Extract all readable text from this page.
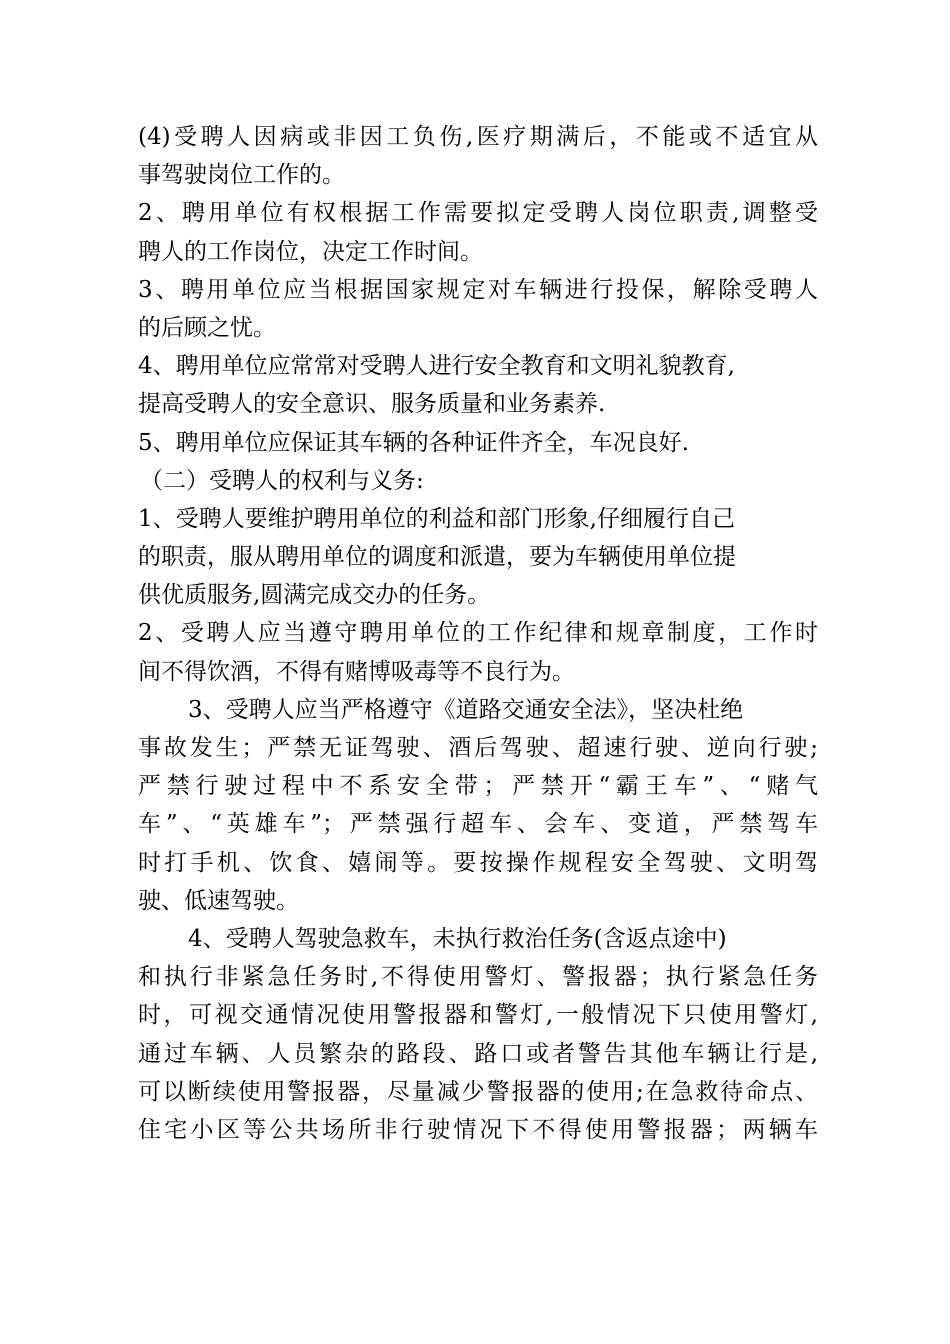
(4)受聘人因病或非因工负伤,医疗期满后，不能或不适宜从
事驾驶岗位工作的。
2、聘用单位有权根据工作需要拟定受聘人岗位职责,调整受
聘人的工作岗位，决定工作时间。
3、聘用单位应当根据国家规定对车辆进行投保，解除受聘人
的后顾之忧。
4、聘用单位应常常对受聘人进行安全教育和文明礼貌教育,
提高受聘人的安全意识、服务质量和业务素养.
5、聘用单位应保证其车辆的各种证件齐全，车况良好.
（二）受聘人的权利与义务:
1、受聘人要维护聘用单位的利益和部门形象,仔细履行自己
的职责，服从聘用单位的调度和派遣，要为车辆使用单位提
供优质服务,圆满完成交办的任务。
2、受聘人应当遵守聘用单位的工作纪律和规章制度，工作时
间不得饮酒，不得有赌博吸毒等不良行为。
3、受聘人应当严格遵守《道路交通安全法》，坚决杜绝
事故发生；严禁无证驾驶、酒后驾驶、超速行驶、逆向行驶;
严禁行驶过程中不系安全带；严禁开“霸王车”、“赌气
车”、“英雄车”；严禁强行超车、会车、变道，严禁驾车
时打手机、饮食、嬉闹等。要按操作规程安全驾驶、文明驾
驶、低速驾驶。
4、受聘人驾驶急救车，未执行救治任务(含返点途中)
和执行非紧急任务时,不得使用警灯、警报器；执行紧急任务
时，可视交通情况使用警报器和警灯,一般情况下只使用警灯,
通过车辆、人员繁杂的路段、路口或者警告其他车辆让行是,
可以断续使用警报器，尽量减少警报器的使用;在急救待命点、
住宅小区等公共场所非行驶情况下不得使用警报器；两辆车
